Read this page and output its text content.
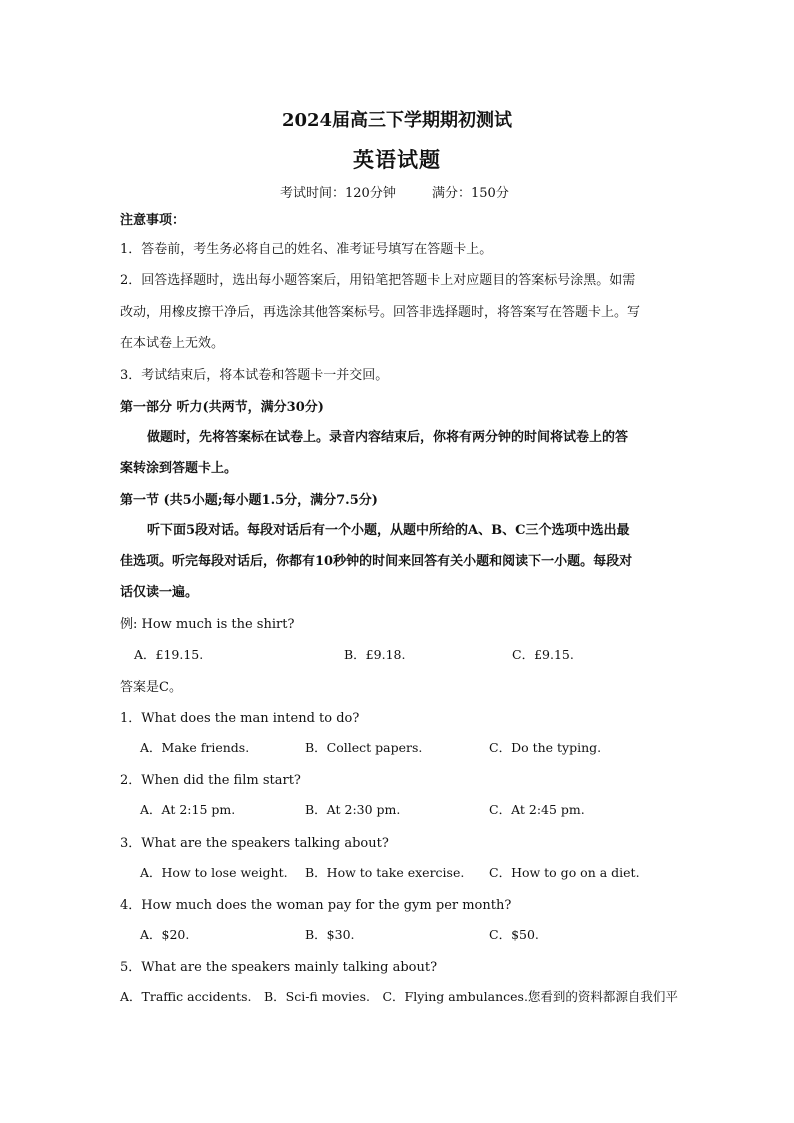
2024届高三下学期期初测试
英语试题
考试时间：120分钟	满分：150分
注意事项：
1．答卷前，考生务必将自己的姓名、准考证号填写在答题卡上。
2．回答选择题时，选出每小题答案后，用铅笔把答题卡上对应题目的答案标号涂黑。如需
改动，用橡皮擦干净后，再选涂其他答案标号。回答非选择题时，将答案写在答题卡上。写
在本试卷上无效。
3．考试结束后，将本试卷和答题卡一并交回。
第一部分 听力(共两节，满分30分)
做题时，先将答案标在试卷上。录音内容结束后，你将有两分钟的时间将试卷上的答
案转涂到答题卡上。
第一节 (共5小题;每小题1.5分，满分7.5分)
听下面5段对话。每段对话后有一个小题，从题中所给的A、B、C三个选项中选出最
佳选项。听完每段对话后，你都有10秒钟的时间来回答有关小题和阅读下一小题。每段对
话仅读一遍。
例: How much is the shirt?
A．£19.15.	B．£9.18.	C．£9.15.
答案是C。
1．What does the man intend to do?
A．Make friends.	B．Collect papers.	C．Do the typing.
2．When did the film start?
A．At 2:15 pm.	B．At 2:30 pm.	C．At 2:45 pm.
3．What are the speakers talking about?
A．How to lose weight. B．How to take exercise. C．How to go on a diet.
4．How much does the woman pay for the gym per month?
A．$20.	B．$30.	C．$50.
5．What are the speakers mainly talking about?
A．Traffic accidents.　B．Sci-fi movies.　C．Flying ambulances.您看到的资料都源自我们平
